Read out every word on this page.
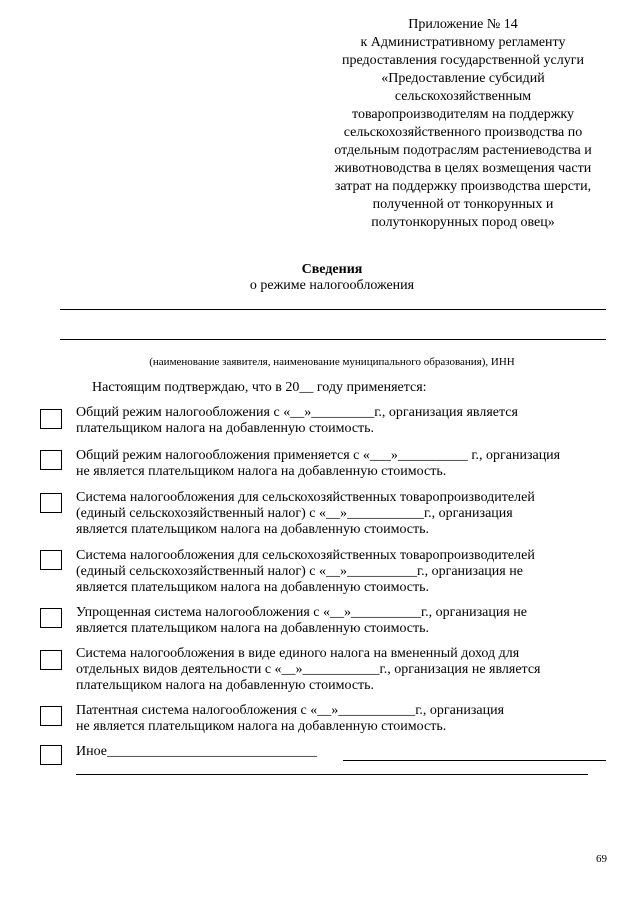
Приложение № 14
к Административному регламенту
предоставления государственной услуги
«Предоставление субсидий
сельскохозяйственным
товаропроизводителям на поддержку
сельскохозяйственного производства по
отдельным подотраслям растениеводства и
животноводства в целях возмещения части
затрат на поддержку производства шерсти,
полученной от тонкорунных и
полутонкорунных пород овец»
Сведения
о режиме налогообложения
(наименование заявителя, наименование муниципального образования), ИНН
Настоящим подтверждаю, что в 20__ году применяется:
Общий режим налогообложения с «__»_________г., организация является
плательщиком налога на добавленную стоимость.
Общий режим налогообложения применяется с «___»__________ г., организация
не является плательщиком налога на добавленную стоимость.
Система налогообложения для сельскохозяйственных товаропроизводителей
(единый сельскохозяйственный налог) с «__»___________г., организация
является плательщиком налога на добавленную стоимость.
Система налогообложения для сельскохозяйственных товаропроизводителей
(единый сельскохозяйственный налог) с «__»__________г., организация не
является плательщиком налога на добавленную стоимость.
Упрощенная система налогообложения с «__»__________г., организация не
является плательщиком налога на добавленную стоимость.
Система налогообложения в виде единого налога на вмененный доход для
отдельных видов деятельности с «__»___________г., организация не является
плательщиком налога на добавленную стоимость.
Патентная система налогообложения с «__»___________г., организация
не является плательщиком налога на добавленную стоимость.
Иное______________________________
69
